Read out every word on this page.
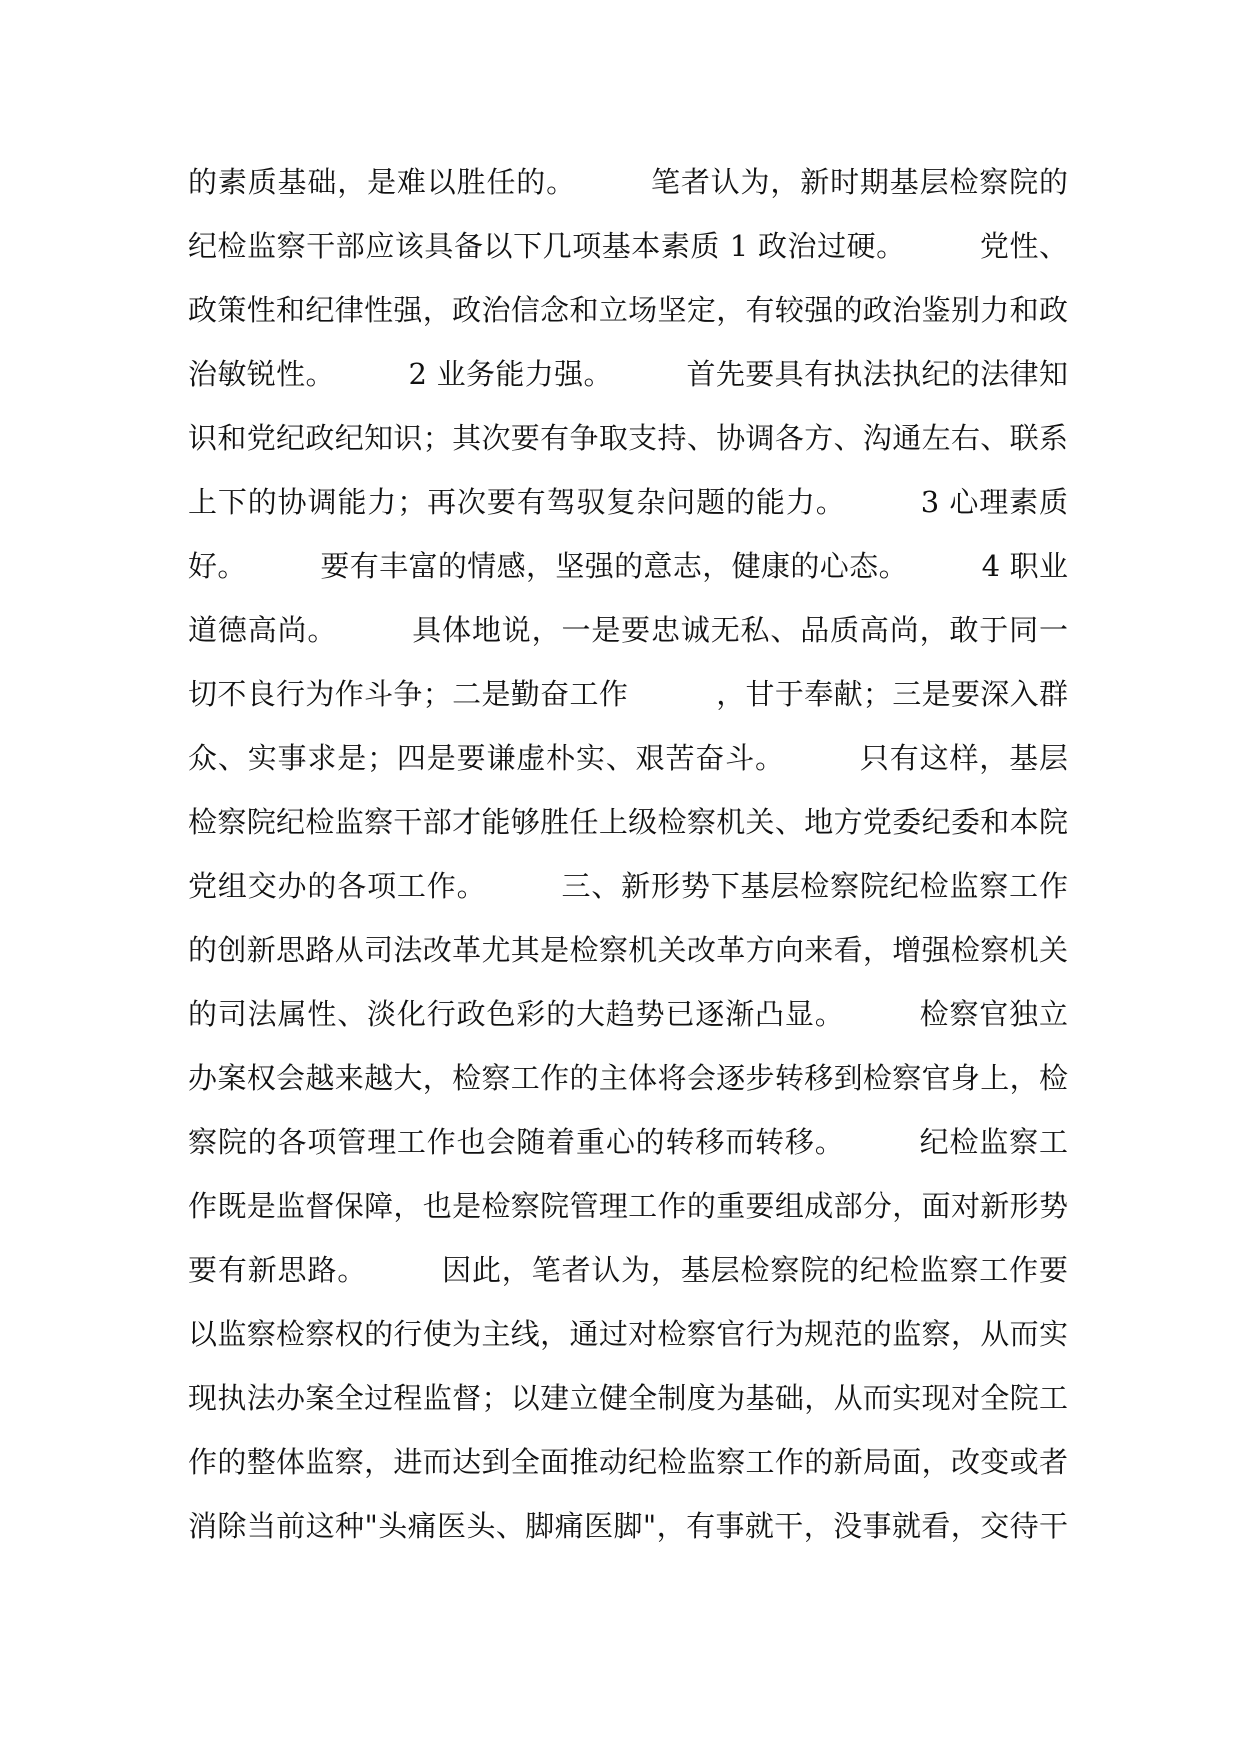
的素质基础，是难以胜任的。　　　笔者认为，新时期基层检察院的
纪检监察干部应该具备以下几项基本素质 1 政治过硬。　　　党性、
政策性和纪律性强，政治信念和立场坚定，有较强的政治鉴别力和政
治敏锐性。　　　2 业务能力强。　　　首先要具有执法执纪的法律知
识和党纪政纪知识；其次要有争取支持、协调各方、沟通左右、联系
上下的协调能力；再次要有驾驭复杂问题的能力。　　　3 心理素质
好。　　　要有丰富的情感，坚强的意志，健康的心态。　　　4 职业
道德高尚。　　　具体地说，一是要忠诚无私、品质高尚，敢于同一
切不良行为作斗争；二是勤奋工作　　　，甘于奉献；三是要深入群
众、实事求是；四是要谦虚朴实、艰苦奋斗。　　　只有这样，基层
检察院纪检监察干部才能够胜任上级检察机关、地方党委纪委和本院
党组交办的各项工作。　　　三、新形势下基层检察院纪检监察工作
的创新思路从司法改革尤其是检察机关改革方向来看，增强检察机关
的司法属性、淡化行政色彩的大趋势已逐渐凸显。　　　检察官独立
办案权会越来越大，检察工作的主体将会逐步转移到检察官身上，检
察院的各项管理工作也会随着重心的转移而转移。　　　纪检监察工
作既是监督保障，也是检察院管理工作的重要组成部分，面对新形势
要有新思路。　　　因此，笔者认为，基层检察院的纪检监察工作要
以监察检察权的行使为主线，通过对检察官行为规范的监察，从而实
现执法办案全过程监督；以建立健全制度为基础，从而实现对全院工
作的整体监察，进而达到全面推动纪检监察工作的新局面，改变或者
消除当前这种"头痛医头、脚痛医脚"，有事就干，没事就看，交待干
